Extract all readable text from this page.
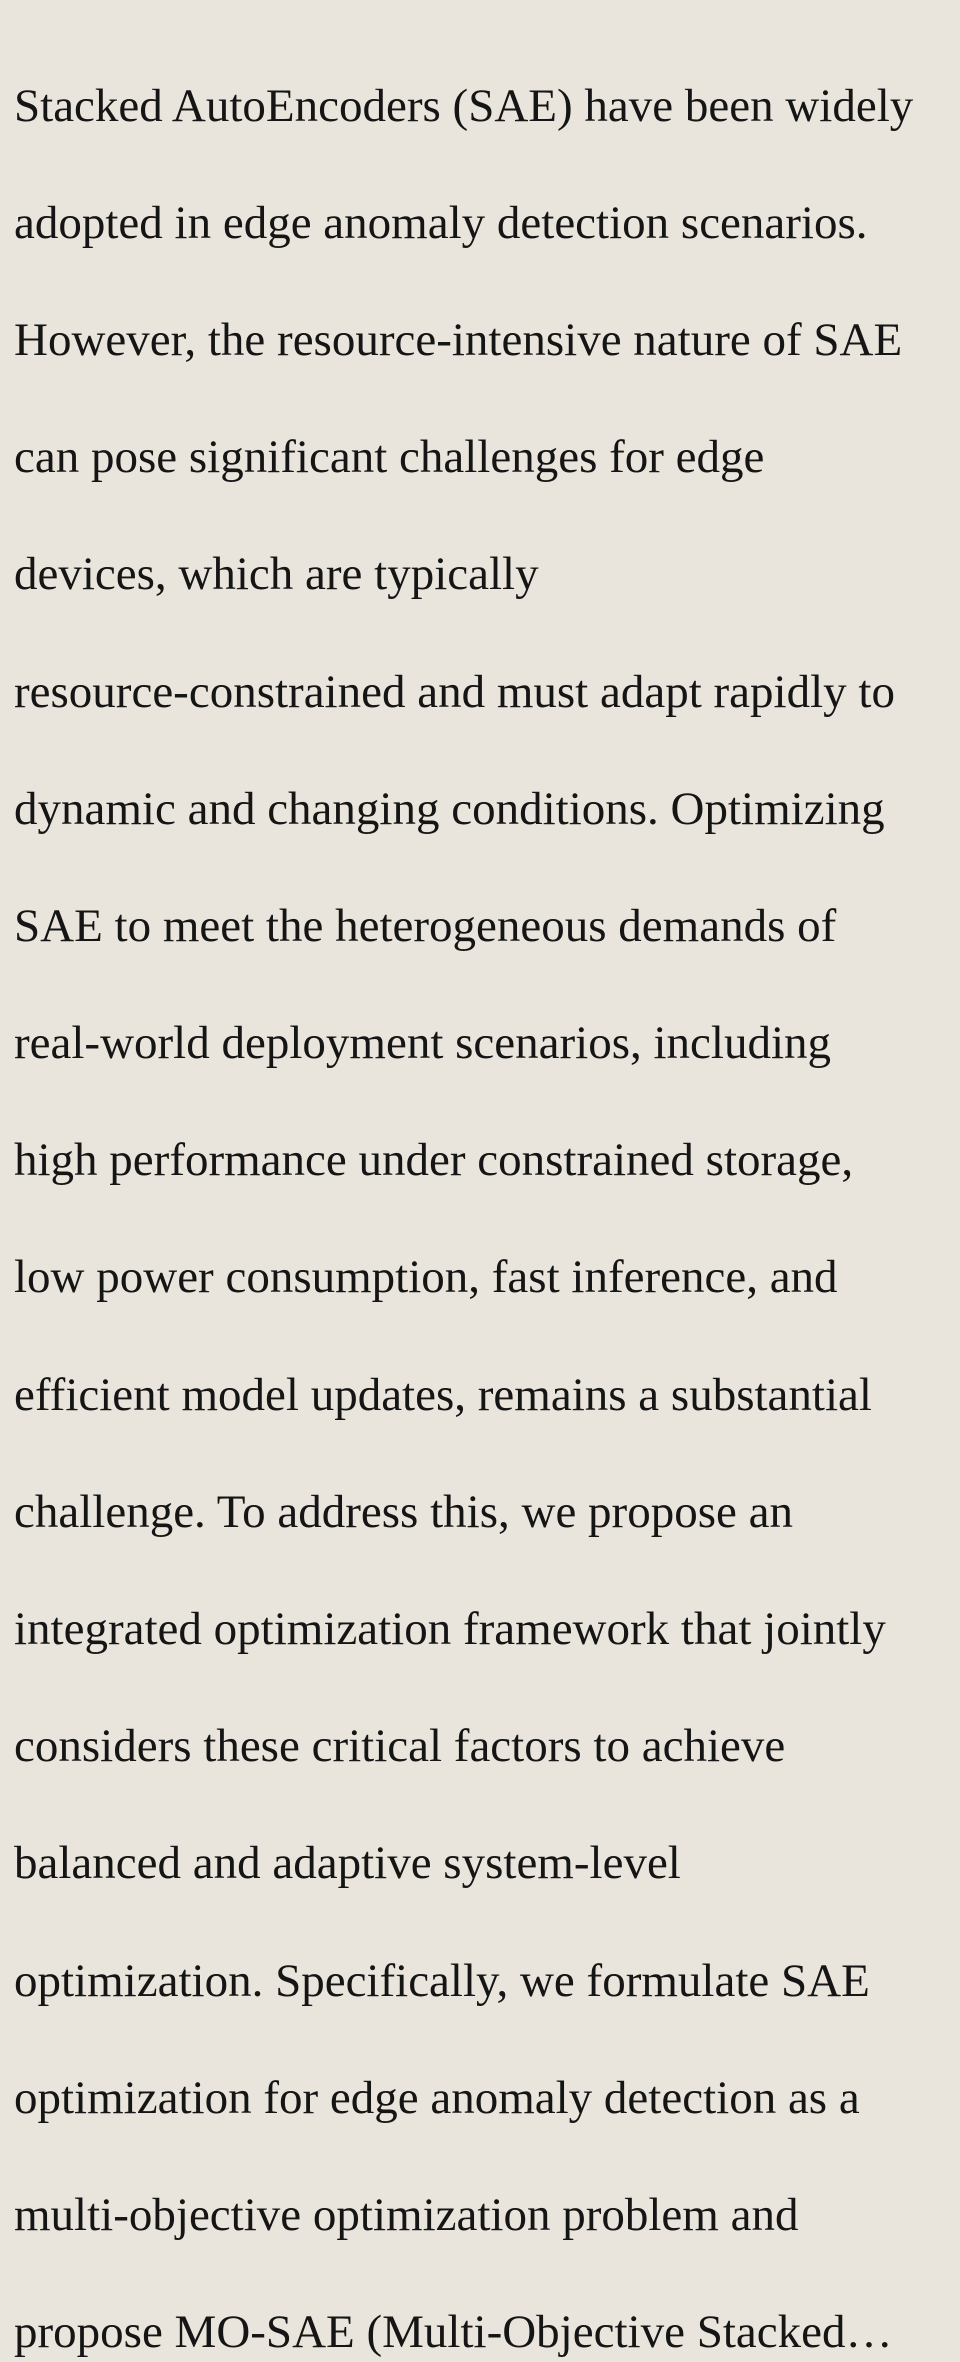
Stacked AutoEncoders (SAE) have been widely

adopted in edge anomaly detection scenarios.

However, the resource-intensive nature of SAE

can pose significant challenges for edge

devices, which are typically

resource-constrained and must adapt rapidly to

dynamic and changing conditions. Optimizing

SAE to meet the heterogeneous demands of

real-world deployment scenarios, including

high performance under constrained storage,

low power consumption, fast inference, and

efficient model updates, remains a substantial

challenge. To address this, we propose an

integrated optimization framework that jointly

considers these critical factors to achieve

balanced and adaptive system-level

optimization. Specifically, we formulate SAE

optimization for edge anomaly detection as a

multi-objective optimization problem and

propose MO-SAE (Multi-Objective Stacked…
